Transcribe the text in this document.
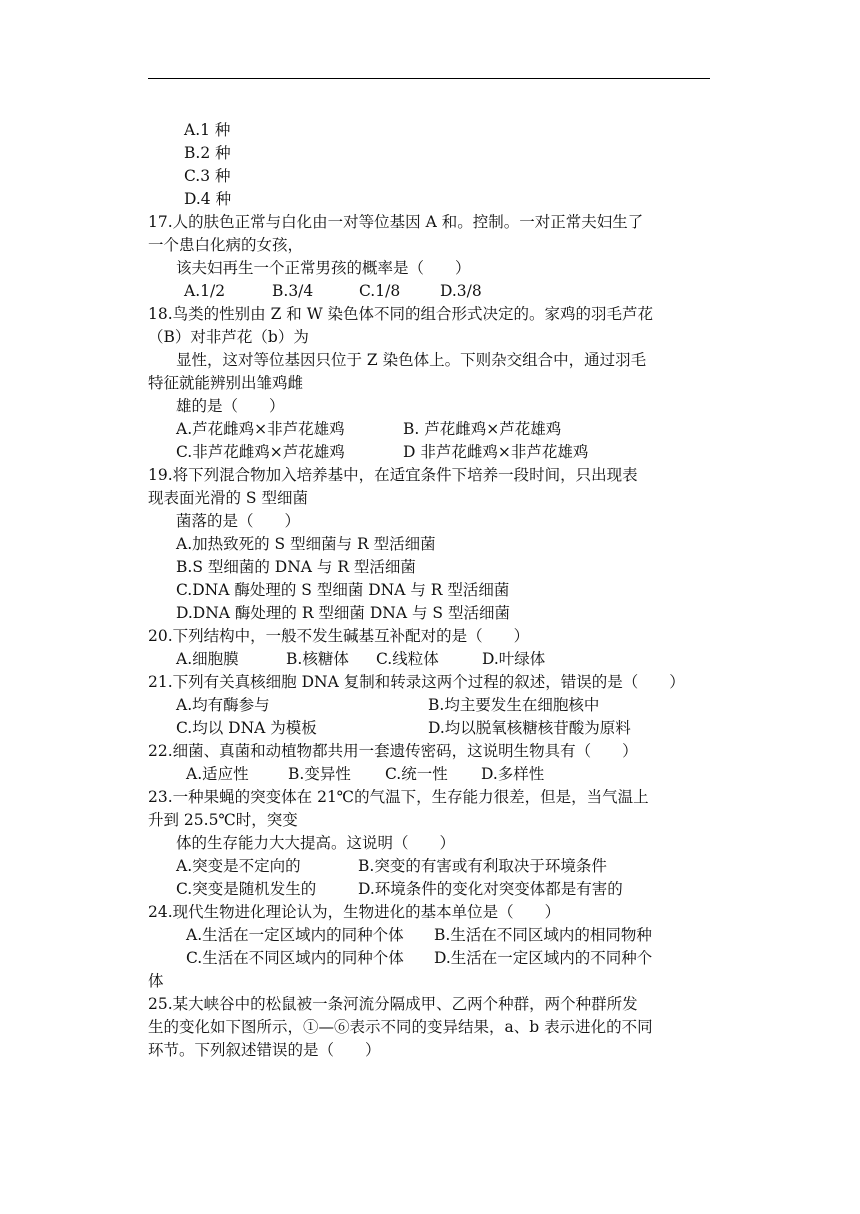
A.1 种
B.2 种
C.3 种
D.4 种
17.人的肤色正常与白化由一对等位基因 A 和。控制。一对正常夫妇生了
一个患白化病的女孩，
该夫妇再生一个正常男孩的概率是（　　）
A.1/2	B.3/4	C.1/8	D.3/8
18.鸟类的性别由 Z 和 W 染色体不同的组合形式决定的。家鸡的羽毛芦花
（B）对非芦花（b）为
显性，这对等位基因只位于 Z 染色体上。下则杂交组合中，通过羽毛
特征就能辨别出雏鸡雌
雄的是（　　）
A.芦花雌鸡×非芦花雄鸡	B. 芦花雌鸡×芦花雄鸡
C.非芦花雌鸡×芦花雄鸡	D 非芦花雌鸡×非芦花雄鸡
19.将下列混合物加入培养基中，在适宜条件下培养一段时间，只出现表
现表面光滑的 S 型细菌
菌落的是（　　）
A.加热致死的 S 型细菌与 R 型活细菌
B.S 型细菌的 DNA 与 R 型活细菌
C.DNA 酶处理的 S 型细菌 DNA 与 R 型活细菌
D.DNA 酶处理的 R 型细菌 DNA 与 S 型活细菌
20.下列结构中，一般不发生碱基互补配对的是（　　）
A.细胞膜	B.核糖体 C.线粒体	D.叶绿体
21.下列有关真核细胞 DNA 复制和转录这两个过程的叙述，错误的是（　　）
A.均有酶参与	B.均主要发生在细胞核中
C.均以 DNA 为模板	D.均以脱氧核糖核苷酸为原料
22.细菌、真菌和动植物都共用一套遗传密码，这说明生物具有（　　）
A.适应性	B.变异性 C.统一性 D.多样性
23.一种果蝇的突变体在 21℃的气温下，生存能力很差，但是，当气温上
升到 25.5℃时，突变
体的生存能力大大提高。这说明（　　）
A.突变是不定向的	B.突变的有害或有利取决于环境条件
C.突变是随机发生的	D.环境条件的变化对突变体都是有害的
24.现代生物进化理论认为，生物进化的基本单位是（　　）
A.生活在一定区域内的同种个体 B.生活在不同区域内的相同物种
C.生活在不同区域内的同种个体 D.生活在一定区域内的不同种个
体
25.某大峡谷中的松鼠被一条河流分隔成甲、乙两个种群，两个种群所发
生的变化如下图所示，①—⑥表示不同的变异结果，a、b 表示进化的不同
环节。下列叙述错误的是（　　）
